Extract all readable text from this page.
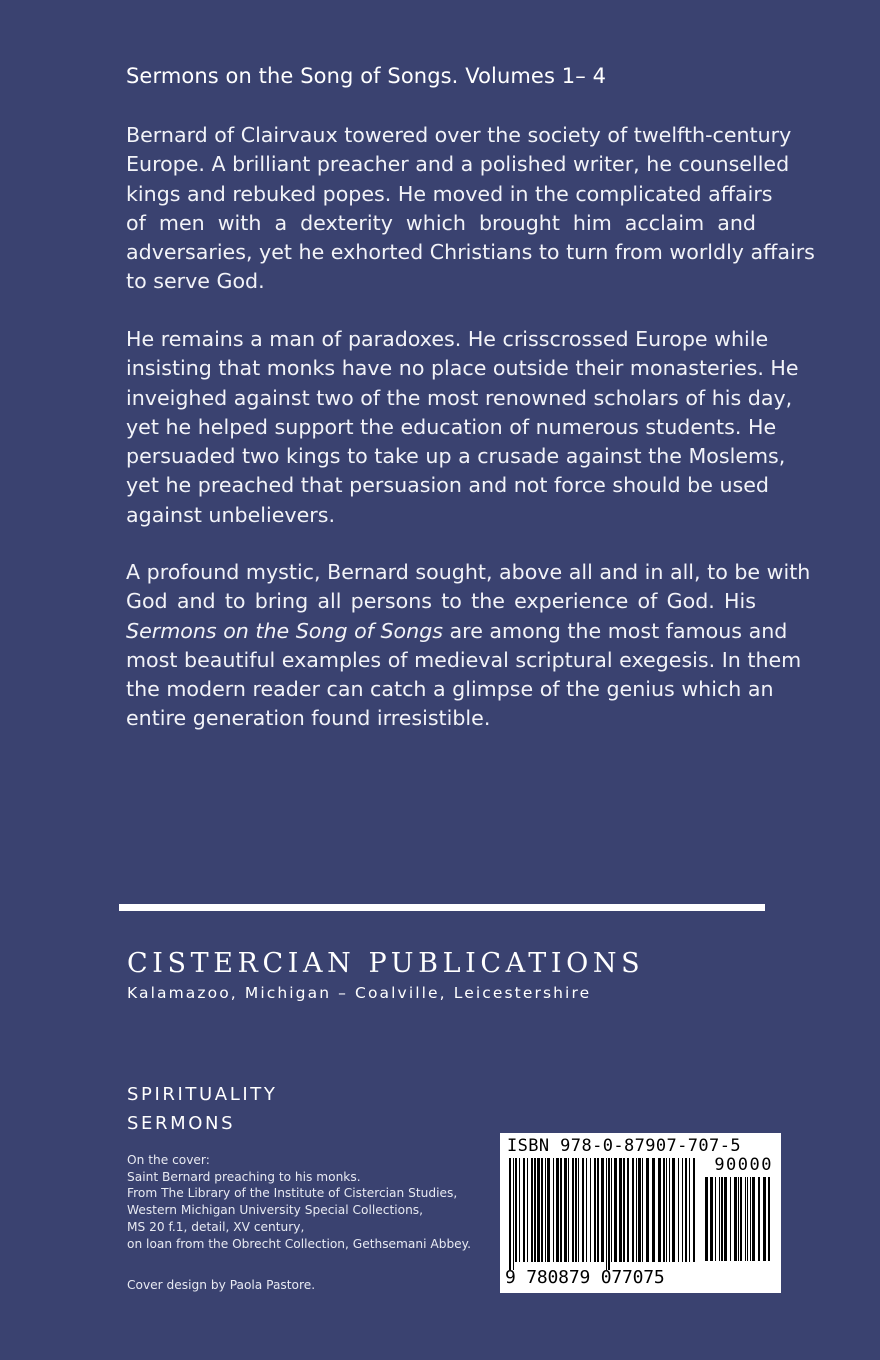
Sermons on the Song of Songs. Volumes 1– 4
Bernard of Clairvaux towered over the society of twelfth-century
Europe. A brilliant preacher and a polished writer, he counselled
kings and rebuked popes. He moved in the complicated affairs
of men with a dexterity which brought him acclaim and
adversaries, yet he exhorted Christians to turn from worldly affairs
to serve God.
He remains a man of paradoxes. He crisscrossed Europe while
insisting that monks have no place outside their monasteries. He
inveighed against two of the most renowned scholars of his day,
yet he helped support the education of numerous students. He
persuaded two kings to take up a crusade against the Moslems,
yet he preached that persuasion and not force should be used
against unbelievers.
A profound mystic, Bernard sought, above all and in all, to be with
God and to bring all persons to the experience of God. His
Sermons on the Song of Songs are among the most famous and
most beautiful examples of medieval scriptural exegesis. In them
the modern reader can catch a glimpse of the genius which an
entire generation found irresistible.
CISTERCIAN PUBLICATIONS
Kalamazoo, Michigan – Coalville, Leicestershire
SPIRITUALITY
SERMONS
On the cover:
Saint Bernard preaching to his monks.
From The Library of the Institute of Cistercian Studies,
Western Michigan University Special Collections,
MS 20 f.1, detail, XV century,
on loan from the Obrecht Collection, Gethsemani Abbey.
Cover design by Paola Pastore.
ISBN 978-0-87907-707-5
90000
9 780879 077075
